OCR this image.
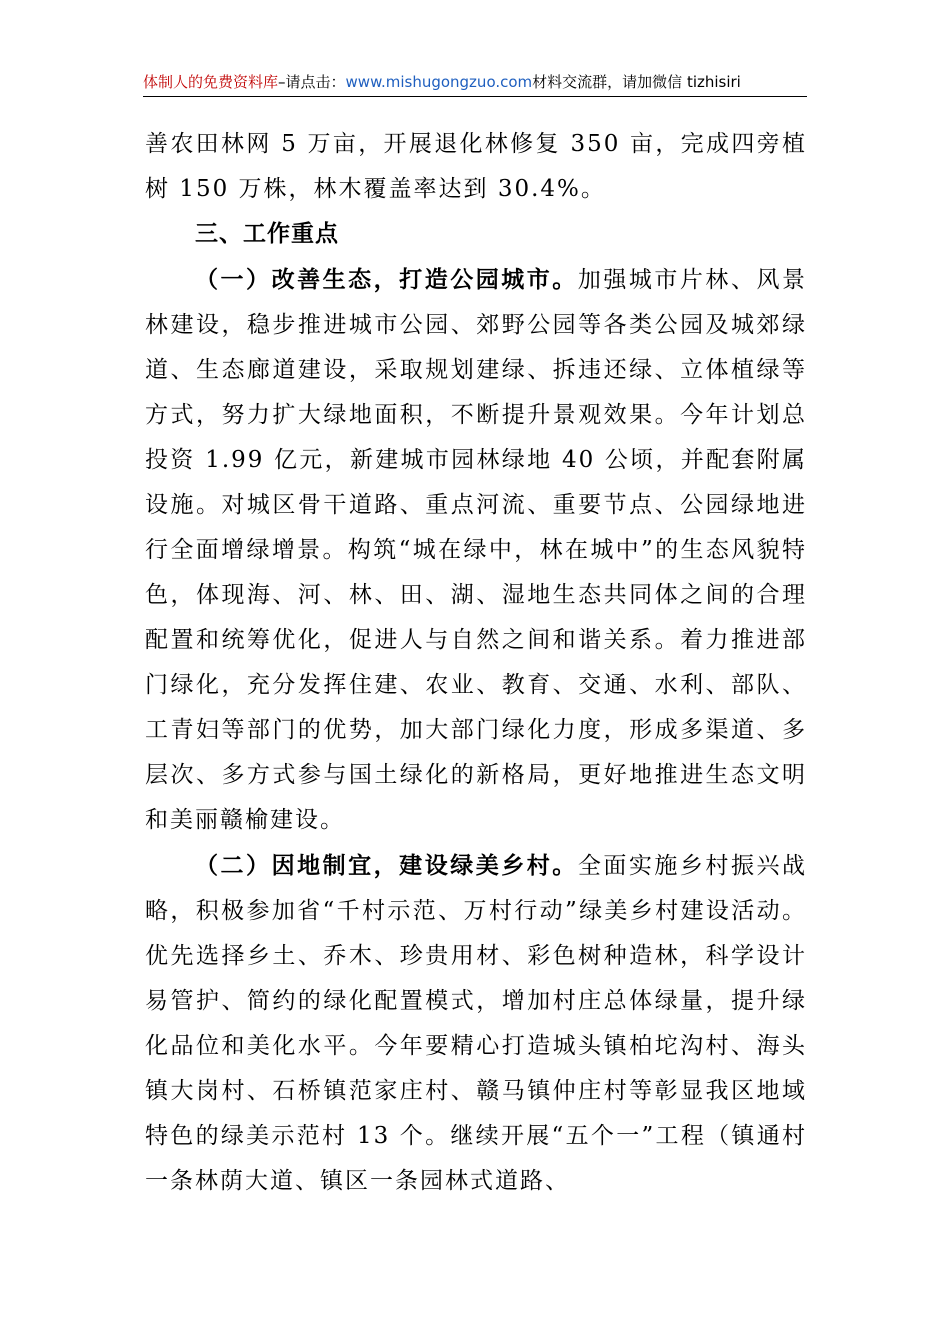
体制人的免费资料库–请点击：www.mishugongzuo.com材料交流群，请加微信 tizhisiri

善农田林网 5 万亩，开展退化林修复 350 亩，完成四旁植树 150 万株，林木覆盖率达到 30.4%。

三、工作重点

（一）改善生态，打造公园城市。加强城市片林、风景林建设，稳步推进城市公园、郊野公园等各类公园及城郊绿道、生态廊道建设，采取规划建绿、拆违还绿、立体植绿等方式，努力扩大绿地面积，不断提升景观效果。今年计划总投资 1.99 亿元，新建城市园林绿地 40 公顷，并配套附属设施。对城区骨干道路、重点河流、重要节点、公园绿地进行全面增绿增景。构筑“城在绿中，林在城中”的生态风貌特色，体现海、河、林、田、湖、湿地生态共同体之间的合理配置和统筹优化，促进人与自然之间和谐关系。着力推进部门绿化，充分发挥住建、农业、教育、交通、水利、部队、工青妇等部门的优势，加大部门绿化力度，形成多渠道、多层次、多方式参与国土绿化的新格局，更好地推进生态文明和美丽赣榆建设。

（二）因地制宜，建设绿美乡村。全面实施乡村振兴战略，积极参加省“千村示范、万村行动”绿美乡村建设活动。优先选择乡土、乔木、珍贵用材、彩色树种造林，科学设计易管护、简约的绿化配置模式，增加村庄总体绿量，提升绿化品位和美化水平。今年要精心打造城头镇柏坨沟村、海头镇大岗村、石桥镇范家庄村、赣马镇仲庄村等彰显我区地域特色的绿美示范村 13 个。继续开展“五个一”工程（镇通村一条林荫大道、镇区一条园林式道路、
